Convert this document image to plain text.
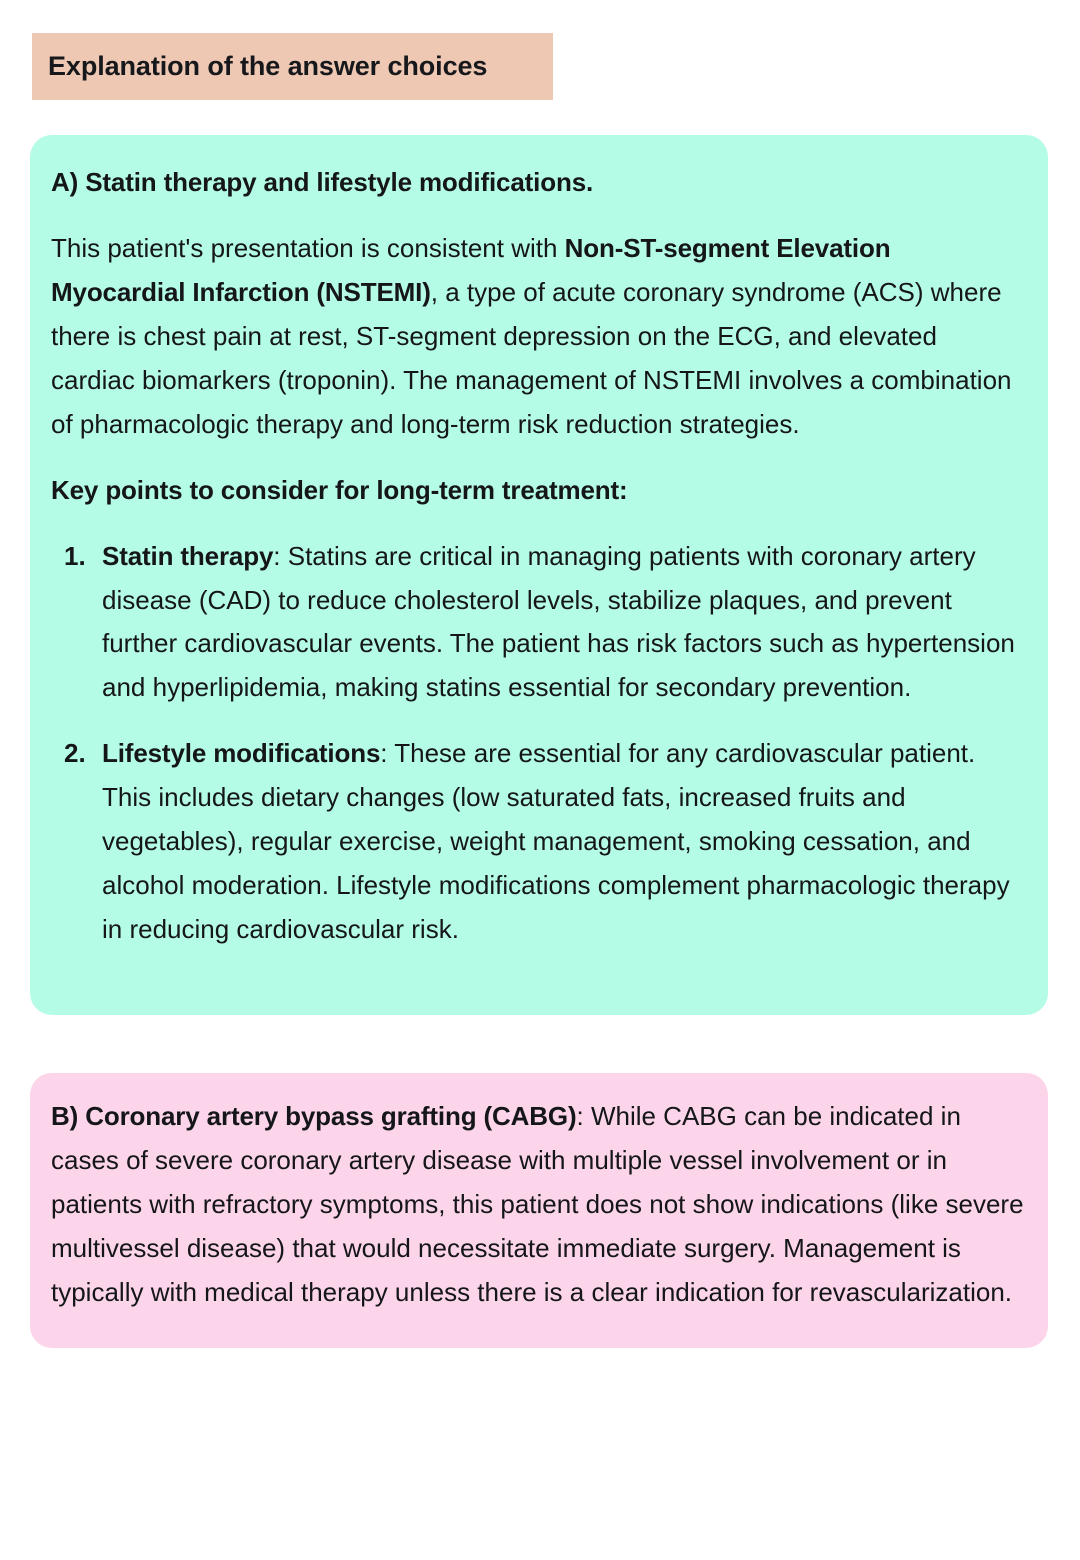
Explanation of the answer choices

A) Statin therapy and lifestyle modifications.

This patient's presentation is consistent with Non-ST-segment Elevation Myocardial Infarction (NSTEMI), a type of acute coronary syndrome (ACS) where there is chest pain at rest, ST-segment depression on the ECG, and elevated cardiac biomarkers (troponin). The management of NSTEMI involves a combination of pharmacologic therapy and long-term risk reduction strategies.

Key points to consider for long-term treatment:

Statin therapy: Statins are critical in managing patients with coronary artery disease (CAD) to reduce cholesterol levels, stabilize plaques, and prevent further cardiovascular events. The patient has risk factors such as hypertension and hyperlipidemia, making statins essential for secondary prevention.
Lifestyle modifications: These are essential for any cardiovascular patient. This includes dietary changes (low saturated fats, increased fruits and vegetables), regular exercise, weight management, smoking cessation, and alcohol moderation. Lifestyle modifications complement pharmacologic therapy in reducing cardiovascular risk.

B) Coronary artery bypass grafting (CABG): While CABG can be indicated in cases of severe coronary artery disease with multiple vessel involvement or in patients with refractory symptoms, this patient does not show indications (like severe multivessel disease) that would necessitate immediate surgery. Management is typically with medical therapy unless there is a clear indication for revascularization.
